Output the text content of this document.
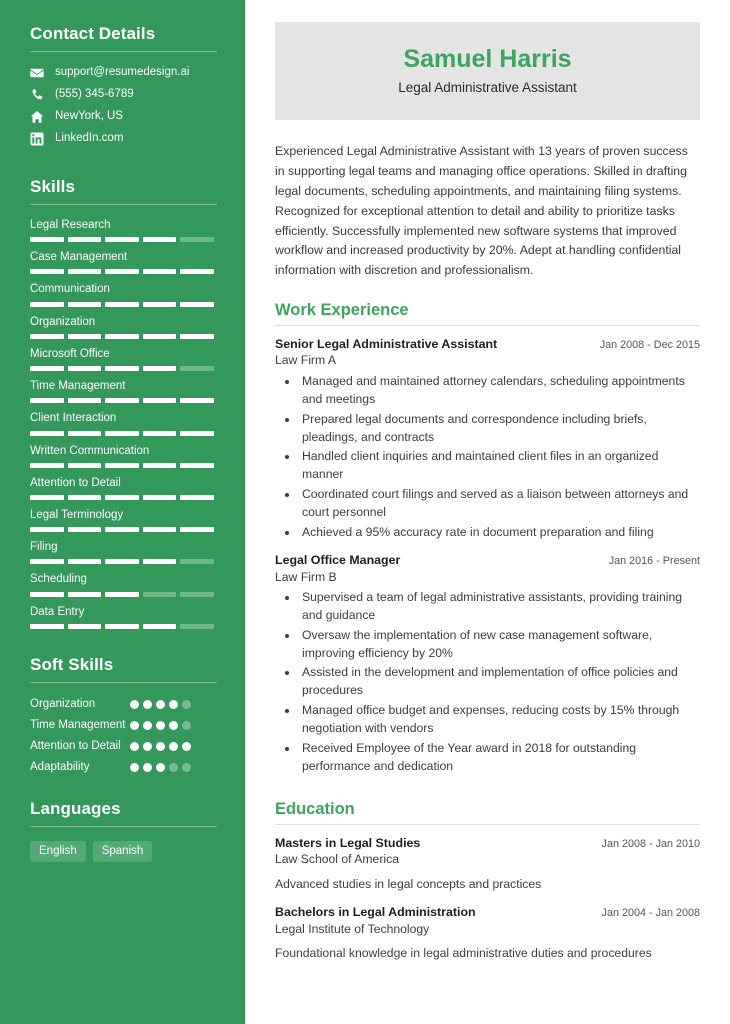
Contact Details
support@resumedesign.ai
(555) 345-6789
NewYork, US
LinkedIn.com
Skills
Legal Research
Case Management
Communication
Organization
Microsoft Office
Time Management
Client Interaction
Written Communication
Attention to Detail
Legal Terminology
Filing
Scheduling
Data Entry
Soft Skills
Organization
Time Management
Attention to Detail
Adaptability
Languages
English	Spanish
Samuel Harris
Legal Administrative Assistant

Experienced Legal Administrative Assistant with 13 years of proven success in supporting legal teams and managing office operations. Skilled in drafting legal documents, scheduling appointments, and maintaining filing systems. Recognized for exceptional attention to detail and ability to prioritize tasks efficiently. Successfully implemented new software systems that improved workflow and increased productivity by 20%. Adept at handling confidential information with discretion and professionalism.

Work Experience
Senior Legal Administrative Assistant	Jan 2008 - Dec 2015
Law Firm A
• Managed and maintained attorney calendars, scheduling appointments and meetings
• Prepared legal documents and correspondence including briefs, pleadings, and contracts
• Handled client inquiries and maintained client files in an organized manner
• Coordinated court filings and served as a liaison between attorneys and court personnel
• Achieved a 95% accuracy rate in document preparation and filing
Legal Office Manager	Jan 2016 - Present
Law Firm B
• Supervised a team of legal administrative assistants, providing training and guidance
• Oversaw the implementation of new case management software, improving efficiency by 20%
• Assisted in the development and implementation of office policies and procedures
• Managed office budget and expenses, reducing costs by 15% through negotiation with vendors
• Received Employee of the Year award in 2018 for outstanding performance and dedication
Education
Masters in Legal Studies	Jan 2008 - Jan 2010
Law School of America
Advanced studies in legal concepts and practices
Bachelors in Legal Administration	Jan 2004 - Jan 2008
Legal Institute of Technology
Foundational knowledge in legal administrative duties and procedures
